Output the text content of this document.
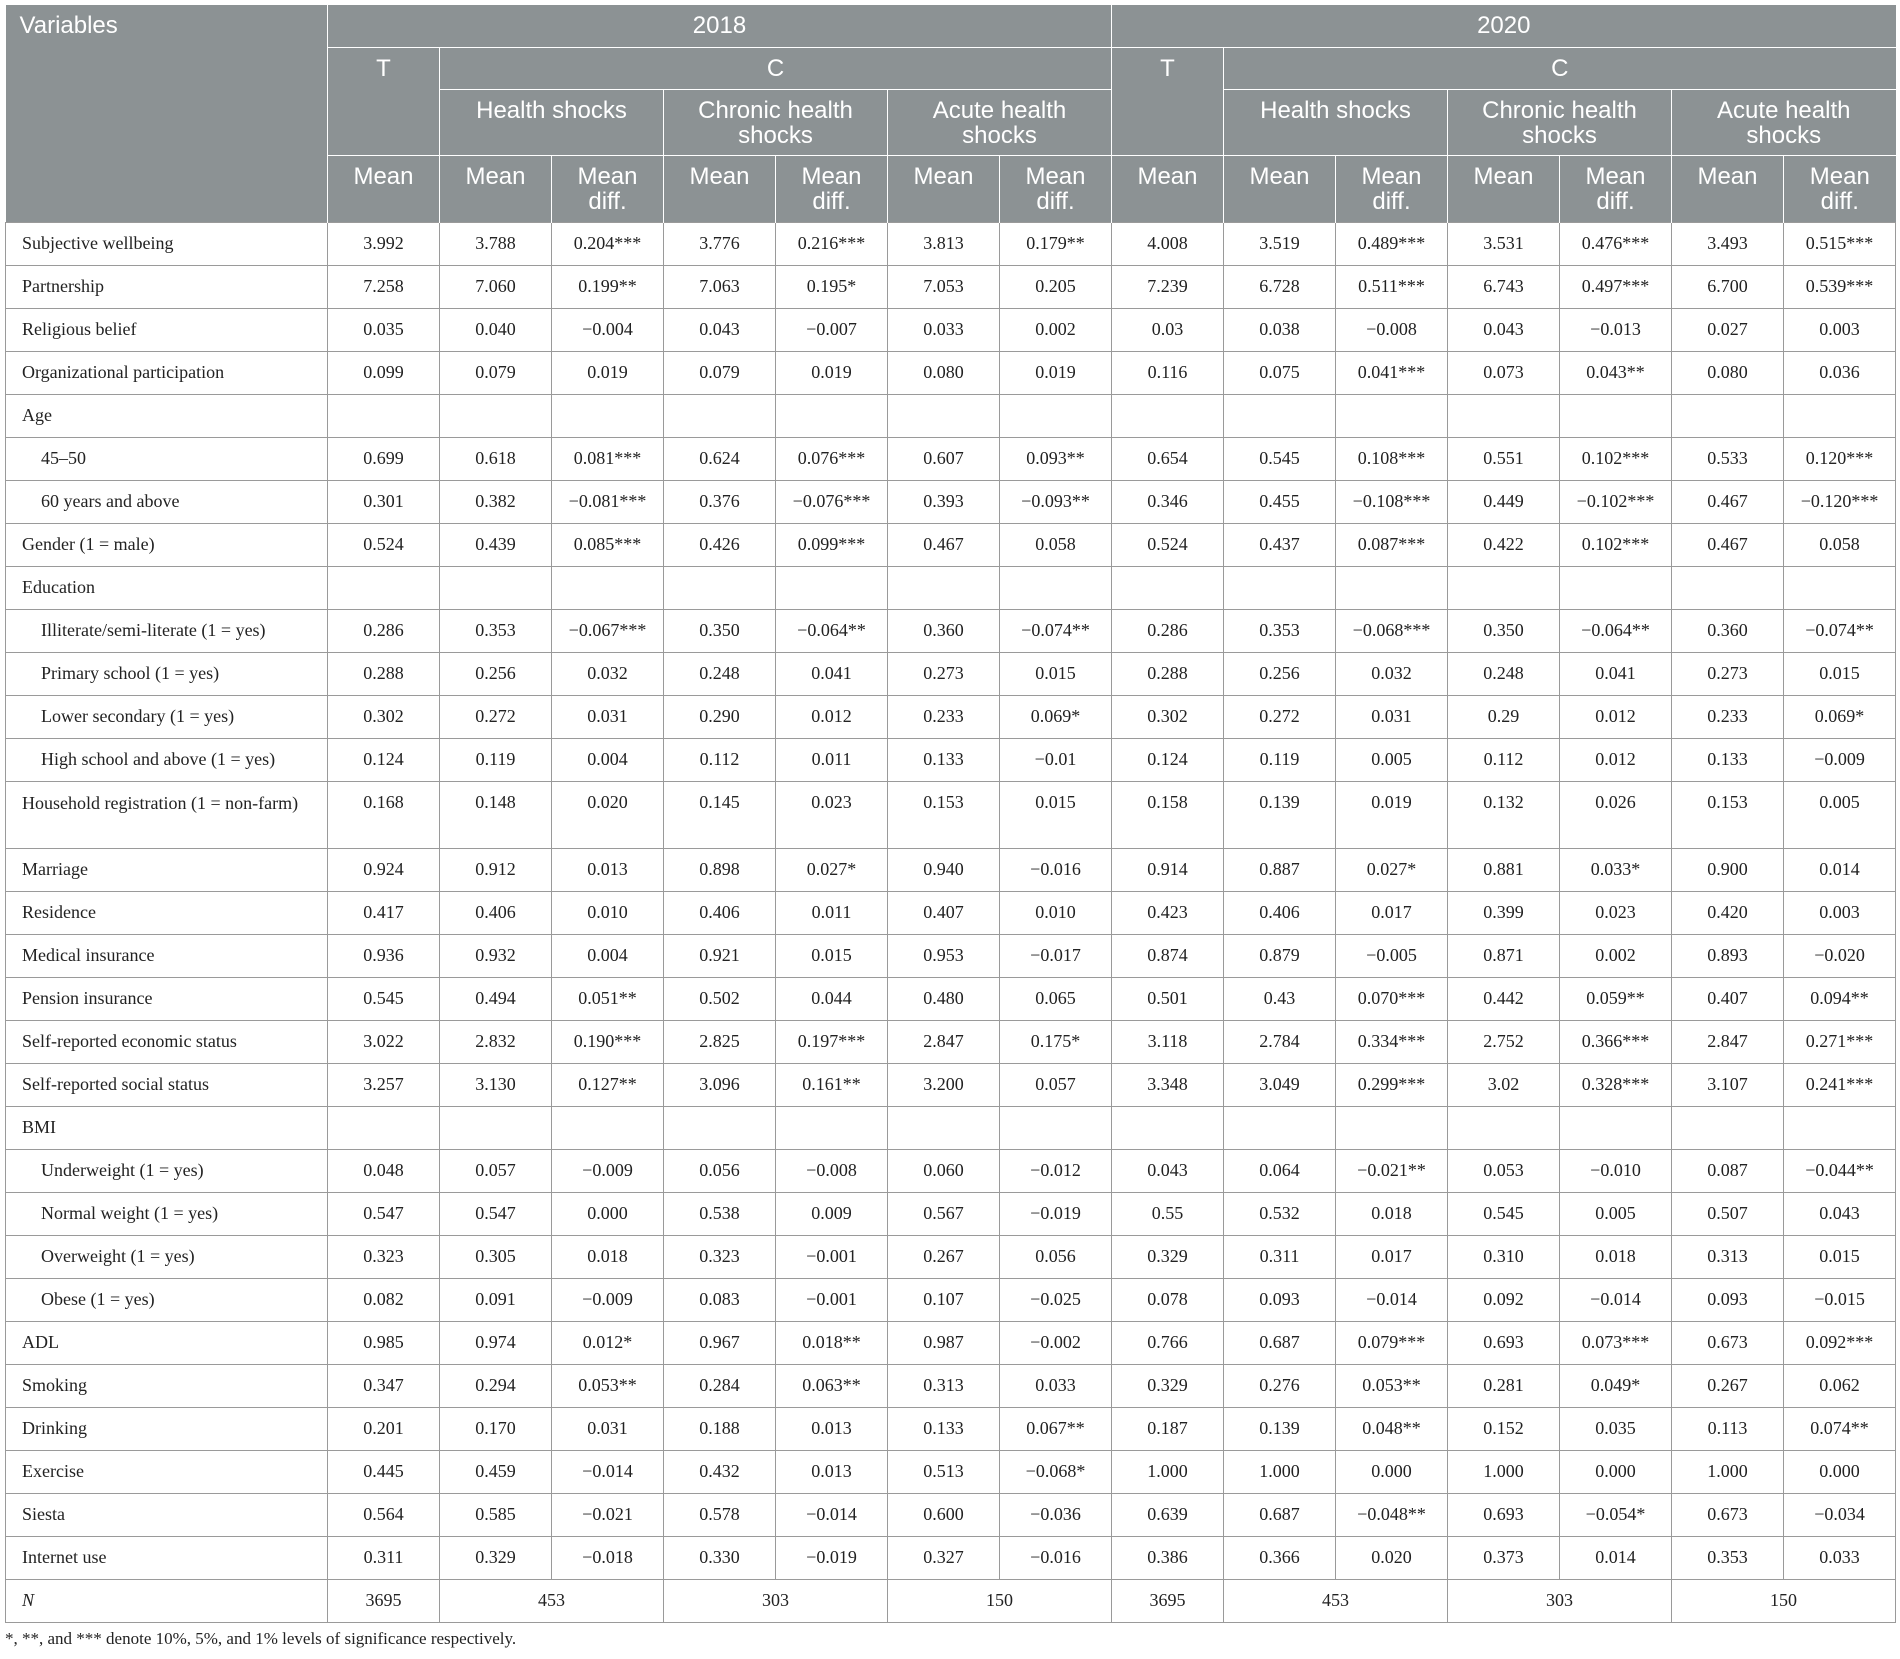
Variables	2018							2020						
	T	C						T	C					
		Health shocks		Chronic health shocks		Acute health shocks			Health shocks		Chronic health shocks		Acute health shocks	
	Mean	Mean	Mean diff.	Mean	Mean diff.	Mean	Mean diff.	Mean	Mean	Mean diff.	Mean	Mean diff.	Mean	Mean diff.
Subjective wellbeing	3.992	3.788	0.204***	3.776	0.216***	3.813	0.179**	4.008	3.519	0.489***	3.531	0.476***	3.493	0.515***
Partnership	7.258	7.060	0.199**	7.063	0.195*	7.053	0.205	7.239	6.728	0.511***	6.743	0.497***	6.700	0.539***
Religious belief	0.035	0.040	−0.004	0.043	−0.007	0.033	0.002	0.03	0.038	−0.008	0.043	−0.013	0.027	0.003
Organizational participation	0.099	0.079	0.019	0.079	0.019	0.080	0.019	0.116	0.075	0.041***	0.073	0.043**	0.080	0.036
Age														
45–50	0.699	0.618	0.081***	0.624	0.076***	0.607	0.093**	0.654	0.545	0.108***	0.551	0.102***	0.533	0.120***
60 years and above	0.301	0.382	−0.081***	0.376	−0.076***	0.393	−0.093**	0.346	0.455	−0.108***	0.449	−0.102***	0.467	−0.120***
Gender (1 = male)	0.524	0.439	0.085***	0.426	0.099***	0.467	0.058	0.524	0.437	0.087***	0.422	0.102***	0.467	0.058
Education														
Illiterate/semi-literate (1 = yes)	0.286	0.353	−0.067***	0.350	−0.064**	0.360	−0.074**	0.286	0.353	−0.068***	0.350	−0.064**	0.360	−0.074**
Primary school (1 = yes)	0.288	0.256	0.032	0.248	0.041	0.273	0.015	0.288	0.256	0.032	0.248	0.041	0.273	0.015
Lower secondary (1 = yes)	0.302	0.272	0.031	0.290	0.012	0.233	0.069*	0.302	0.272	0.031	0.29	0.012	0.233	0.069*
High school and above (1 = yes)	0.124	0.119	0.004	0.112	0.011	0.133	−0.01	0.124	0.119	0.005	0.112	0.012	0.133	−0.009
Household registration (1 = non-farm)	0.168	0.148	0.020	0.145	0.023	0.153	0.015	0.158	0.139	0.019	0.132	0.026	0.153	0.005
Marriage	0.924	0.912	0.013	0.898	0.027*	0.940	−0.016	0.914	0.887	0.027*	0.881	0.033*	0.900	0.014
Residence	0.417	0.406	0.010	0.406	0.011	0.407	0.010	0.423	0.406	0.017	0.399	0.023	0.420	0.003
Medical insurance	0.936	0.932	0.004	0.921	0.015	0.953	−0.017	0.874	0.879	−0.005	0.871	0.002	0.893	−0.020
Pension insurance	0.545	0.494	0.051**	0.502	0.044	0.480	0.065	0.501	0.43	0.070***	0.442	0.059**	0.407	0.094**
Self-reported economic status	3.022	2.832	0.190***	2.825	0.197***	2.847	0.175*	3.118	2.784	0.334***	2.752	0.366***	2.847	0.271***
Self-reported social status	3.257	3.130	0.127**	3.096	0.161**	3.200	0.057	3.348	3.049	0.299***	3.02	0.328***	3.107	0.241***
BMI														
Underweight (1 = yes)	0.048	0.057	−0.009	0.056	−0.008	0.060	−0.012	0.043	0.064	−0.021**	0.053	−0.010	0.087	−0.044**
Normal weight (1 = yes)	0.547	0.547	0.000	0.538	0.009	0.567	−0.019	0.55	0.532	0.018	0.545	0.005	0.507	0.043
Overweight (1 = yes)	0.323	0.305	0.018	0.323	−0.001	0.267	0.056	0.329	0.311	0.017	0.310	0.018	0.313	0.015
Obese (1 = yes)	0.082	0.091	−0.009	0.083	−0.001	0.107	−0.025	0.078	0.093	−0.014	0.092	−0.014	0.093	−0.015
ADL	0.985	0.974	0.012*	0.967	0.018**	0.987	−0.002	0.766	0.687	0.079***	0.693	0.073***	0.673	0.092***
Smoking	0.347	0.294	0.053**	0.284	0.063**	0.313	0.033	0.329	0.276	0.053**	0.281	0.049*	0.267	0.062
Drinking	0.201	0.170	0.031	0.188	0.013	0.133	0.067**	0.187	0.139	0.048**	0.152	0.035	0.113	0.074**
Exercise	0.445	0.459	−0.014	0.432	0.013	0.513	−0.068*	1.000	1.000	0.000	1.000	0.000	1.000	0.000
Siesta	0.564	0.585	−0.021	0.578	−0.014	0.600	−0.036	0.639	0.687	−0.048**	0.693	−0.054*	0.673	−0.034
Internet use	0.311	0.329	−0.018	0.330	−0.019	0.327	−0.016	0.386	0.366	0.020	0.373	0.014	0.353	0.033
N	3695	453		303		150		3695	453		303		150	
*, **, and *** denote 10%, 5%, and 1% levels of significance respectively.
